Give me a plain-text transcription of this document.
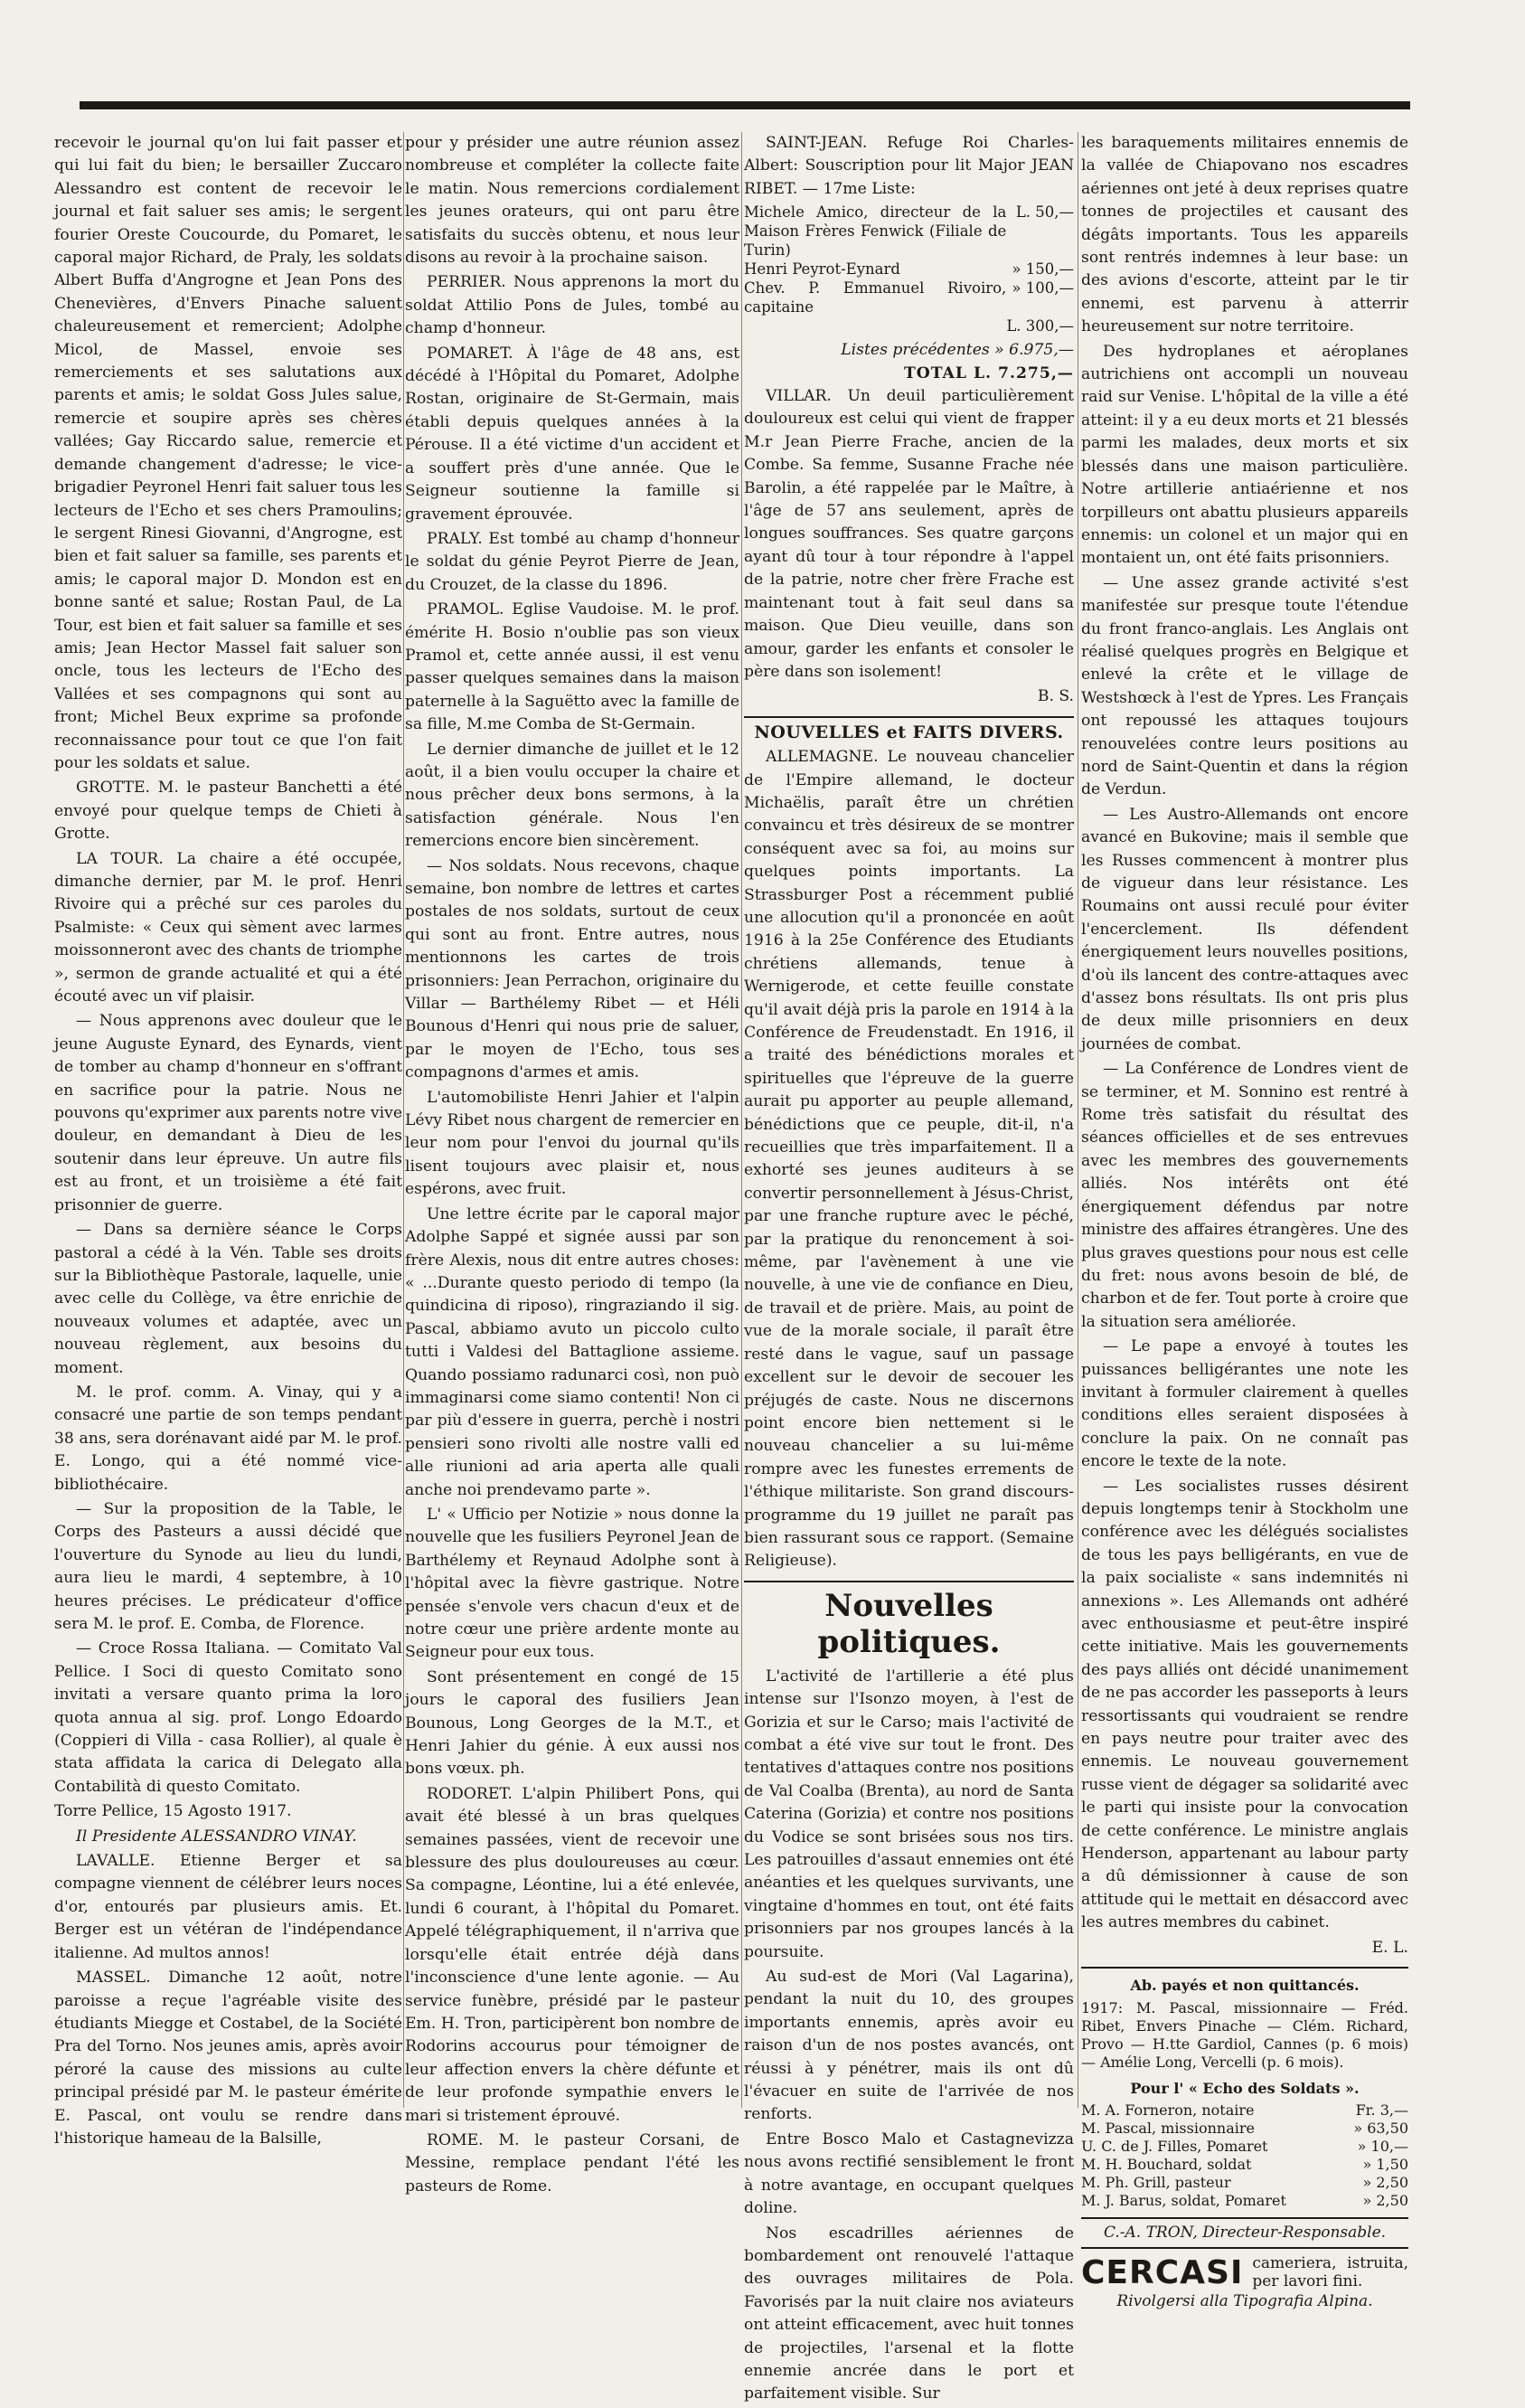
recevoir le journal qu'on lui fait passer et qui lui fait du bien; le bersailler Zuccaro Alessandro est content de recevoir le journal et fait saluer ses amis; le sergent fourier Oreste Coucourde, du Pomaret, le caporal major Richard, de Praly, les soldats Albert Buffa d'Angrogne et Jean Pons des Chenevières, d'Envers Pinache saluent chaleureusement et remercient; Adolphe Micol, de Massel, envoie ses remerciements et ses salutations aux parents et amis; le soldat Goss Jules salue, remercie et soupire après ses chères vallées; Gay Riccardo salue, remercie et demande changement d'adresse; le vice-brigadier Peyronel Henri fait saluer tous les lecteurs de l'Echo et ses chers Pramoulins; le sergent Rinesi Giovanni, d'Angrogne, est bien et fait saluer sa famille, ses parents et amis; le caporal major D. Mondon est en bonne santé et salue; Rostan Paul, de La Tour, est bien et fait saluer sa famille et ses amis; Jean Hector Massel fait saluer son oncle, tous les lecteurs de l'Echo des Vallées et ses compagnons qui sont au front; Michel Beux exprime sa profonde reconnaissance pour tout ce que l'on fait pour les soldats et salue.

GROTTE. M. le pasteur Banchetti a été envoyé pour quelque temps de Chieti à Grotte.

LA TOUR. La chaire a été occupée, dimanche dernier, par M. le prof. Henri Rivoire qui a prêché sur ces paroles du Psalmiste: « Ceux qui sèment avec larmes moissonneront avec des chants de triomphe », sermon de grande actualité et qui a été écouté avec un vif plaisir.

— Nous apprenons avec douleur que le jeune Auguste Eynard, des Eynards, vient de tomber au champ d'honneur en s'offrant en sacrifice pour la patrie. Nous ne pouvons qu'exprimer aux parents notre vive douleur, en demandant à Dieu de les soutenir dans leur épreuve. Un autre fils est au front, et un troisième a été fait prisonnier de guerre.

— Dans sa dernière séance le Corps pastoral a cédé à la Vén. Table ses droits sur la Bibliothèque Pastorale, laquelle, unie avec celle du Collège, va être enrichie de nouveaux volumes et adaptée, avec un nouveau règlement, aux besoins du moment.

M. le prof. comm. A. Vinay, qui y a consacré une partie de son temps pendant 38 ans, sera dorénavant aidé par M. le prof. E. Longo, qui a été nommé vice-bibliothécaire.

— Sur la proposition de la Table, le Corps des Pasteurs a aussi décidé que l'ouverture du Synode au lieu du lundi, aura lieu le mardi, 4 septembre, à 10 heures précises. Le prédicateur d'office sera M. le prof. E. Comba, de Florence.

— Croce Rossa Italiana. — Comitato Val Pellice. I Soci di questo Comitato sono invitati a versare quanto prima la loro quota annua al sig. prof. Longo Edoardo (Coppieri di Villa - casa Rollier), al quale è stata affidata la carica di Delegato alla Contabilità di questo Comitato.

Torre Pellice, 15 Agosto 1917.

Il Presidente ALESSANDRO VINAY.

LAVALLE. Etienne Berger et sa compagne viennent de célébrer leurs noces d'or, entourés par plusieurs amis. Et. Berger est un vétéran de l'indépendance italienne. Ad multos annos!

MASSEL. Dimanche 12 août, notre paroisse a reçue l'agréable visite des étudiants Miegge et Costabel, de la Société Pra del Torno. Nos jeunes amis, après avoir péroré la cause des missions au culte principal présidé par M. le pasteur émérite E. Pascal, ont voulu se rendre dans l'historique hameau de la Balsille,

pour y présider une autre réunion assez nombreuse et compléter la collecte faite le matin. Nous remercions cordialement les jeunes orateurs, qui ont paru être satisfaits du succès obtenu, et nous leur disons au revoir à la prochaine saison.

PERRIER. Nous apprenons la mort du soldat Attilio Pons de Jules, tombé au champ d'honneur.

POMARET. À l'âge de 48 ans, est décédé à l'Hôpital du Pomaret, Adolphe Rostan, originaire de St-Germain, mais établi depuis quelques années à la Pérouse. Il a été victime d'un accident et a souffert près d'une année. Que le Seigneur soutienne la famille si gravement éprouvée.

PRALY. Est tombé au champ d'honneur le soldat du génie Peyrot Pierre de Jean, du Crouzet, de la classe du 1896.

PRAMOL. Eglise Vaudoise. M. le prof. émérite H. Bosio n'oublie pas son vieux Pramol et, cette année aussi, il est venu passer quelques semaines dans la maison paternelle à la Saguëtto avec la famille de sa fille, M.me Comba de St-Germain.

Le dernier dimanche de juillet et le 12 août, il a bien voulu occuper la chaire et nous prêcher deux bons sermons, à la satisfaction générale. Nous l'en remercions encore bien sincèrement.

— Nos soldats. Nous recevons, chaque semaine, bon nombre de lettres et cartes postales de nos soldats, surtout de ceux qui sont au front. Entre autres, nous mentionnons les cartes de trois prisonniers: Jean Perrachon, originaire du Villar — Barthélemy Ribet — et Héli Bounous d'Henri qui nous prie de saluer, par le moyen de l'Echo, tous ses compagnons d'armes et amis.

L'automobiliste Henri Jahier et l'alpin Lévy Ribet nous chargent de remercier en leur nom pour l'envoi du journal qu'ils lisent toujours avec plaisir et, nous espérons, avec fruit.

Une lettre écrite par le caporal major Adolphe Sappé et signée aussi par son frère Alexis, nous dit entre autres choses: « ...Durante questo periodo di tempo (la quindicina di riposo), ringraziando il sig. Pascal, abbiamo avuto un piccolo culto tutti i Valdesi del Battaglione assieme. Quando possiamo radunarci così, non può immaginarsi come siamo contenti! Non ci par più d'essere in guerra, perchè i nostri pensieri sono rivolti alle nostre valli ed alle riunioni ad aria aperta alle quali anche noi prendevamo parte ».

L' « Ufficio per Notizie » nous donne la nouvelle que les fusiliers Peyronel Jean de Barthélemy et Reynaud Adolphe sont à l'hôpital avec la fièvre gastrique. Notre pensée s'envole vers chacun d'eux et de notre cœur une prière ardente monte au Seigneur pour eux tous.

Sont présentement en congé de 15 jours le caporal des fusiliers Jean Bounous, Long Georges de la M.T., et Henri Jahier du génie. À eux aussi nos bons vœux. ph.

RODORET. L'alpin Philibert Pons, qui avait été blessé à un bras quelques semaines passées, vient de recevoir une blessure des plus douloureuses au cœur. Sa compagne, Léontine, lui a été enlevée, lundi 6 courant, à l'hôpital du Pomaret. Appelé télégraphiquement, il n'arriva que lorsqu'elle était entrée déjà dans l'inconscience d'une lente agonie. — Au service funèbre, présidé par le pasteur Em. H. Tron, participèrent bon nombre de Rodorins accourus pour témoigner de leur affection envers la chère défunte et de leur profonde sympathie envers le mari si tristement éprouvé.

ROME. M. le pasteur Corsani, de Messine, remplace pendant l'été les pasteurs de Rome.

SAINT-JEAN. Refuge Roi Charles-Albert: Souscription pour lit Major JEAN RIBET. — 17me Liste:

Michele Amico, directeur de la Maison Frères Fenwick (Filiale de Turin)	L. 50,—
Henri Peyrot-Eynard	» 150,—
Chev. P. Emmanuel Rivoiro, capitaine	» 100,—
	L. 300,—
Listes précédentes » 6.975,—
TOTAL L. 7.275,—

VILLAR. Un deuil particulièrement douloureux est celui qui vient de frapper M.r Jean Pierre Frache, ancien de la Combe. Sa femme, Susanne Frache née Barolin, a été rappelée par le Maître, à l'âge de 57 ans seulement, après de longues souffrances. Ses quatre garçons ayant dû tour à tour répondre à l'appel de la patrie, notre cher frère Frache est maintenant tout à fait seul dans sa maison. Que Dieu veuille, dans son amour, garder les enfants et consoler le père dans son isolement!

B. S.
NOUVELLES et FAITS DIVERS.

ALLEMAGNE. Le nouveau chancelier de l'Empire allemand, le docteur Michaëlis, paraît être un chrétien convaincu et très désireux de se montrer conséquent avec sa foi, au moins sur quelques points importants. La Strassburger Post a récemment publié une allocution qu'il a prononcée en août 1916 à la 25e Conférence des Etudiants chrétiens allemands, tenue à Wernigerode, et cette feuille constate qu'il avait déjà pris la parole en 1914 à la Conférence de Freudenstadt. En 1916, il a traité des bénédictions morales et spirituelles que l'épreuve de la guerre aurait pu apporter au peuple allemand, bénédictions que ce peuple, dit-il, n'a recueillies que très imparfaitement. Il a exhorté ses jeunes auditeurs à se convertir personnellement à Jésus-Christ, par une franche rupture avec le péché, par la pratique du renoncement à soi-même, par l'avènement à une vie nouvelle, à une vie de confiance en Dieu, de travail et de prière. Mais, au point de vue de la morale sociale, il paraît être resté dans le vague, sauf un passage excellent sur le devoir de secouer les préjugés de caste. Nous ne discernons point encore bien nettement si le nouveau chancelier a su lui-même rompre avec les funestes errements de l'éthique militariste. Son grand discours-programme du 19 juillet ne paraît pas bien rassurant sous ce rapport. (Semaine Religieuse).

Nouvelles politiques.

L'activité de l'artillerie a été plus intense sur l'Isonzo moyen, à l'est de Gorizia et sur le Carso; mais l'activité de combat a été vive sur tout le front. Des tentatives d'attaques contre nos positions de Val Coalba (Brenta), au nord de Santa Caterina (Gorizia) et contre nos positions du Vodice se sont brisées sous nos tirs. Les patrouilles d'assaut ennemies ont été anéanties et les quelques survivants, une vingtaine d'hommes en tout, ont été faits prisonniers par nos groupes lancés à la poursuite.

Au sud-est de Mori (Val Lagarina), pendant la nuit du 10, des groupes importants ennemis, après avoir eu raison d'un de nos postes avancés, ont réussi à y pénétrer, mais ils ont dû l'évacuer en suite de l'arrivée de nos renforts.

Entre Bosco Malo et Castagnevizza nous avons rectifié sensiblement le front à notre avantage, en occupant quelques doline.

Nos escadrilles aériennes de bombardement ont renouvelé l'attaque des ouvrages militaires de Pola. Favorisés par la nuit claire nos aviateurs ont atteint efficacement, avec huit tonnes de projectiles, l'arsenal et la flotte ennemie ancrée dans le port et parfaitement visible. Sur

les baraquements militaires ennemis de la vallée de Chiapovano nos escadres aériennes ont jeté à deux reprises quatre tonnes de projectiles et causant des dégâts importants. Tous les appareils sont rentrés indemnes à leur base: un des avions d'escorte, atteint par le tir ennemi, est parvenu à atterrir heureusement sur notre territoire.

Des hydroplanes et aéroplanes autrichiens ont accompli un nouveau raid sur Venise. L'hôpital de la ville a été atteint: il y a eu deux morts et 21 blessés parmi les malades, deux morts et six blessés dans une maison particulière. Notre artillerie antiaérienne et nos torpilleurs ont abattu plusieurs appareils ennemis: un colonel et un major qui en montaient un, ont été faits prisonniers.

— Une assez grande activité s'est manifestée sur presque toute l'étendue du front franco-anglais. Les Anglais ont réalisé quelques progrès en Belgique et enlevé la crête et le village de Westshœck à l'est de Ypres. Les Français ont repoussé les attaques toujours renouvelées contre leurs positions au nord de Saint-Quentin et dans la région de Verdun.

— Les Austro-Allemands ont encore avancé en Bukovine; mais il semble que les Russes commencent à montrer plus de vigueur dans leur résistance. Les Roumains ont aussi reculé pour éviter l'encerclement. Ils défendent énergiquement leurs nouvelles positions, d'où ils lancent des contre-attaques avec d'assez bons résultats. Ils ont pris plus de deux mille prisonniers en deux journées de combat.

— La Conférence de Londres vient de se terminer, et M. Sonnino est rentré à Rome très satisfait du résultat des séances officielles et de ses entrevues avec les membres des gouvernements alliés. Nos intérêts ont été énergiquement défendus par notre ministre des affaires étrangères. Une des plus graves questions pour nous est celle du fret: nous avons besoin de blé, de charbon et de fer. Tout porte à croire que la situation sera améliorée.

— Le pape a envoyé à toutes les puissances belligérantes une note les invitant à formuler clairement à quelles conditions elles seraient disposées à conclure la paix. On ne connaît pas encore le texte de la note.

— Les socialistes russes désirent depuis longtemps tenir à Stockholm une conférence avec les délégués socialistes de tous les pays belligérants, en vue de la paix socialiste « sans indemnités ni annexions ». Les Allemands ont adhéré avec enthousiasme et peut-être inspiré cette initiative. Mais les gouvernements des pays alliés ont décidé unanimement de ne pas accorder les passeports à leurs ressortissants qui voudraient se rendre en pays neutre pour traiter avec des ennemis. Le nouveau gouvernement russe vient de dégager sa solidarité avec le parti qui insiste pour la convocation de cette conférence. Le ministre anglais Henderson, appartenant au labour party a dû démissionner à cause de son attitude qui le mettait en désaccord avec les autres membres du cabinet.

E. L.
Ab. payés et non quittancés.
1917: M. Pascal, missionnaire — Fréd. Ribet, Envers Pinache — Clém. Richard, Provo — H.tte Gardiol, Cannes (p. 6 mois) — Amélie Long, Vercelli (p. 6 mois).
Pour l' « Echo des Soldats ».
M. A. Forneron, notaire	Fr. 3,—
M. Pascal, missionnaire	» 63,50
U. C. de J. Filles, Pomaret	» 10,—
M. H. Bouchard, soldat	» 1,50
M. Ph. Grill, pasteur	» 2,50
M. J. Barus, soldat, Pomaret	» 2,50
C.-A. TRON, Directeur-Responsable.
CERCASI cameriera, istruita, per lavori fini.
Rivolgersi alla Tipografia Alpina.
